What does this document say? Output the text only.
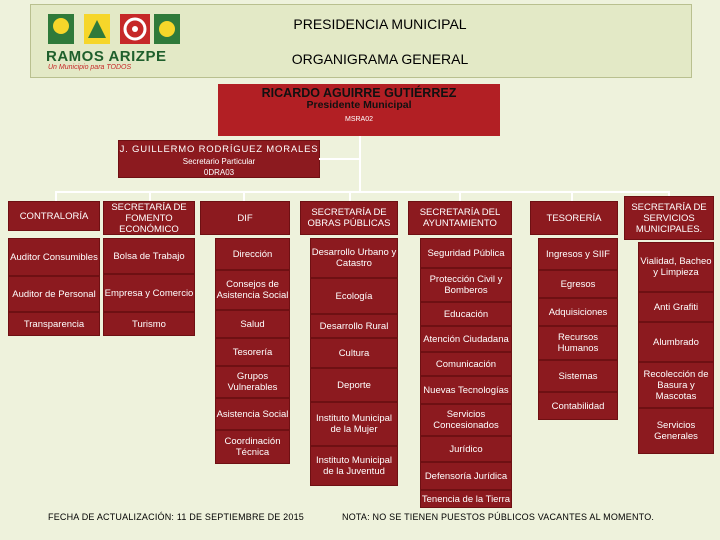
RAMOS ARIZPE
Un Municipio para TODOS
PRESIDENCIA MUNICIPAL
ORGANIGRAMA GENERAL
RICARDO AGUIRRE GUTIÉRREZ
Presidente Municipal
MSRA02
J. GUILLERMO RODRÍGUEZ MORALES
Secretario Particular
0DRA03
CONTRALORÍA
Auditor Consumibles
Auditor de Personal
Transparencia
SECRETARÍA DE FOMENTO ECONÓMICO
Bolsa de Trabajo
Empresa y Comercio
Turismo
DIF
Dirección
Consejos de Asistencia Social
Salud
Tesorería
Grupos Vulnerables
Asistencia Social
Coordinación Técnica
SECRETARÍA DE OBRAS PÚBLICAS
Desarrollo Urbano y Catastro
Ecología
Desarrollo Rural
Cultura
Deporte
Instituto Municipal de la Mujer
Instituto Municipal de la Juventud
SECRETARÍA DEL AYUNTAMIENTO
Seguridad Pública
Protección Civil y Bomberos
Educación
Atención Ciudadana
Comunicación
Nuevas Tecnologías
Servicios Concesionados
Jurídico
Defensoría Jurídica
Tenencia de la Tierra
TESORERÍA
Ingresos y SIIF
Egresos
Adquisiciones
Recursos Humanos
Sistemas
Contabilidad
SECRETARÍA DE SERVICIOS MUNICIPALES.
Vialidad, Bacheo y Limpieza
Anti Grafiti
Alumbrado
Recolección de Basura y Mascotas
Servicios Generales
FECHA DE ACTUALIZACIÓN: 11 DE SEPTIEMBRE DE 2015	NOTA: NO SE TIENEN PUESTOS PÚBLICOS VACANTES AL MOMENTO.
